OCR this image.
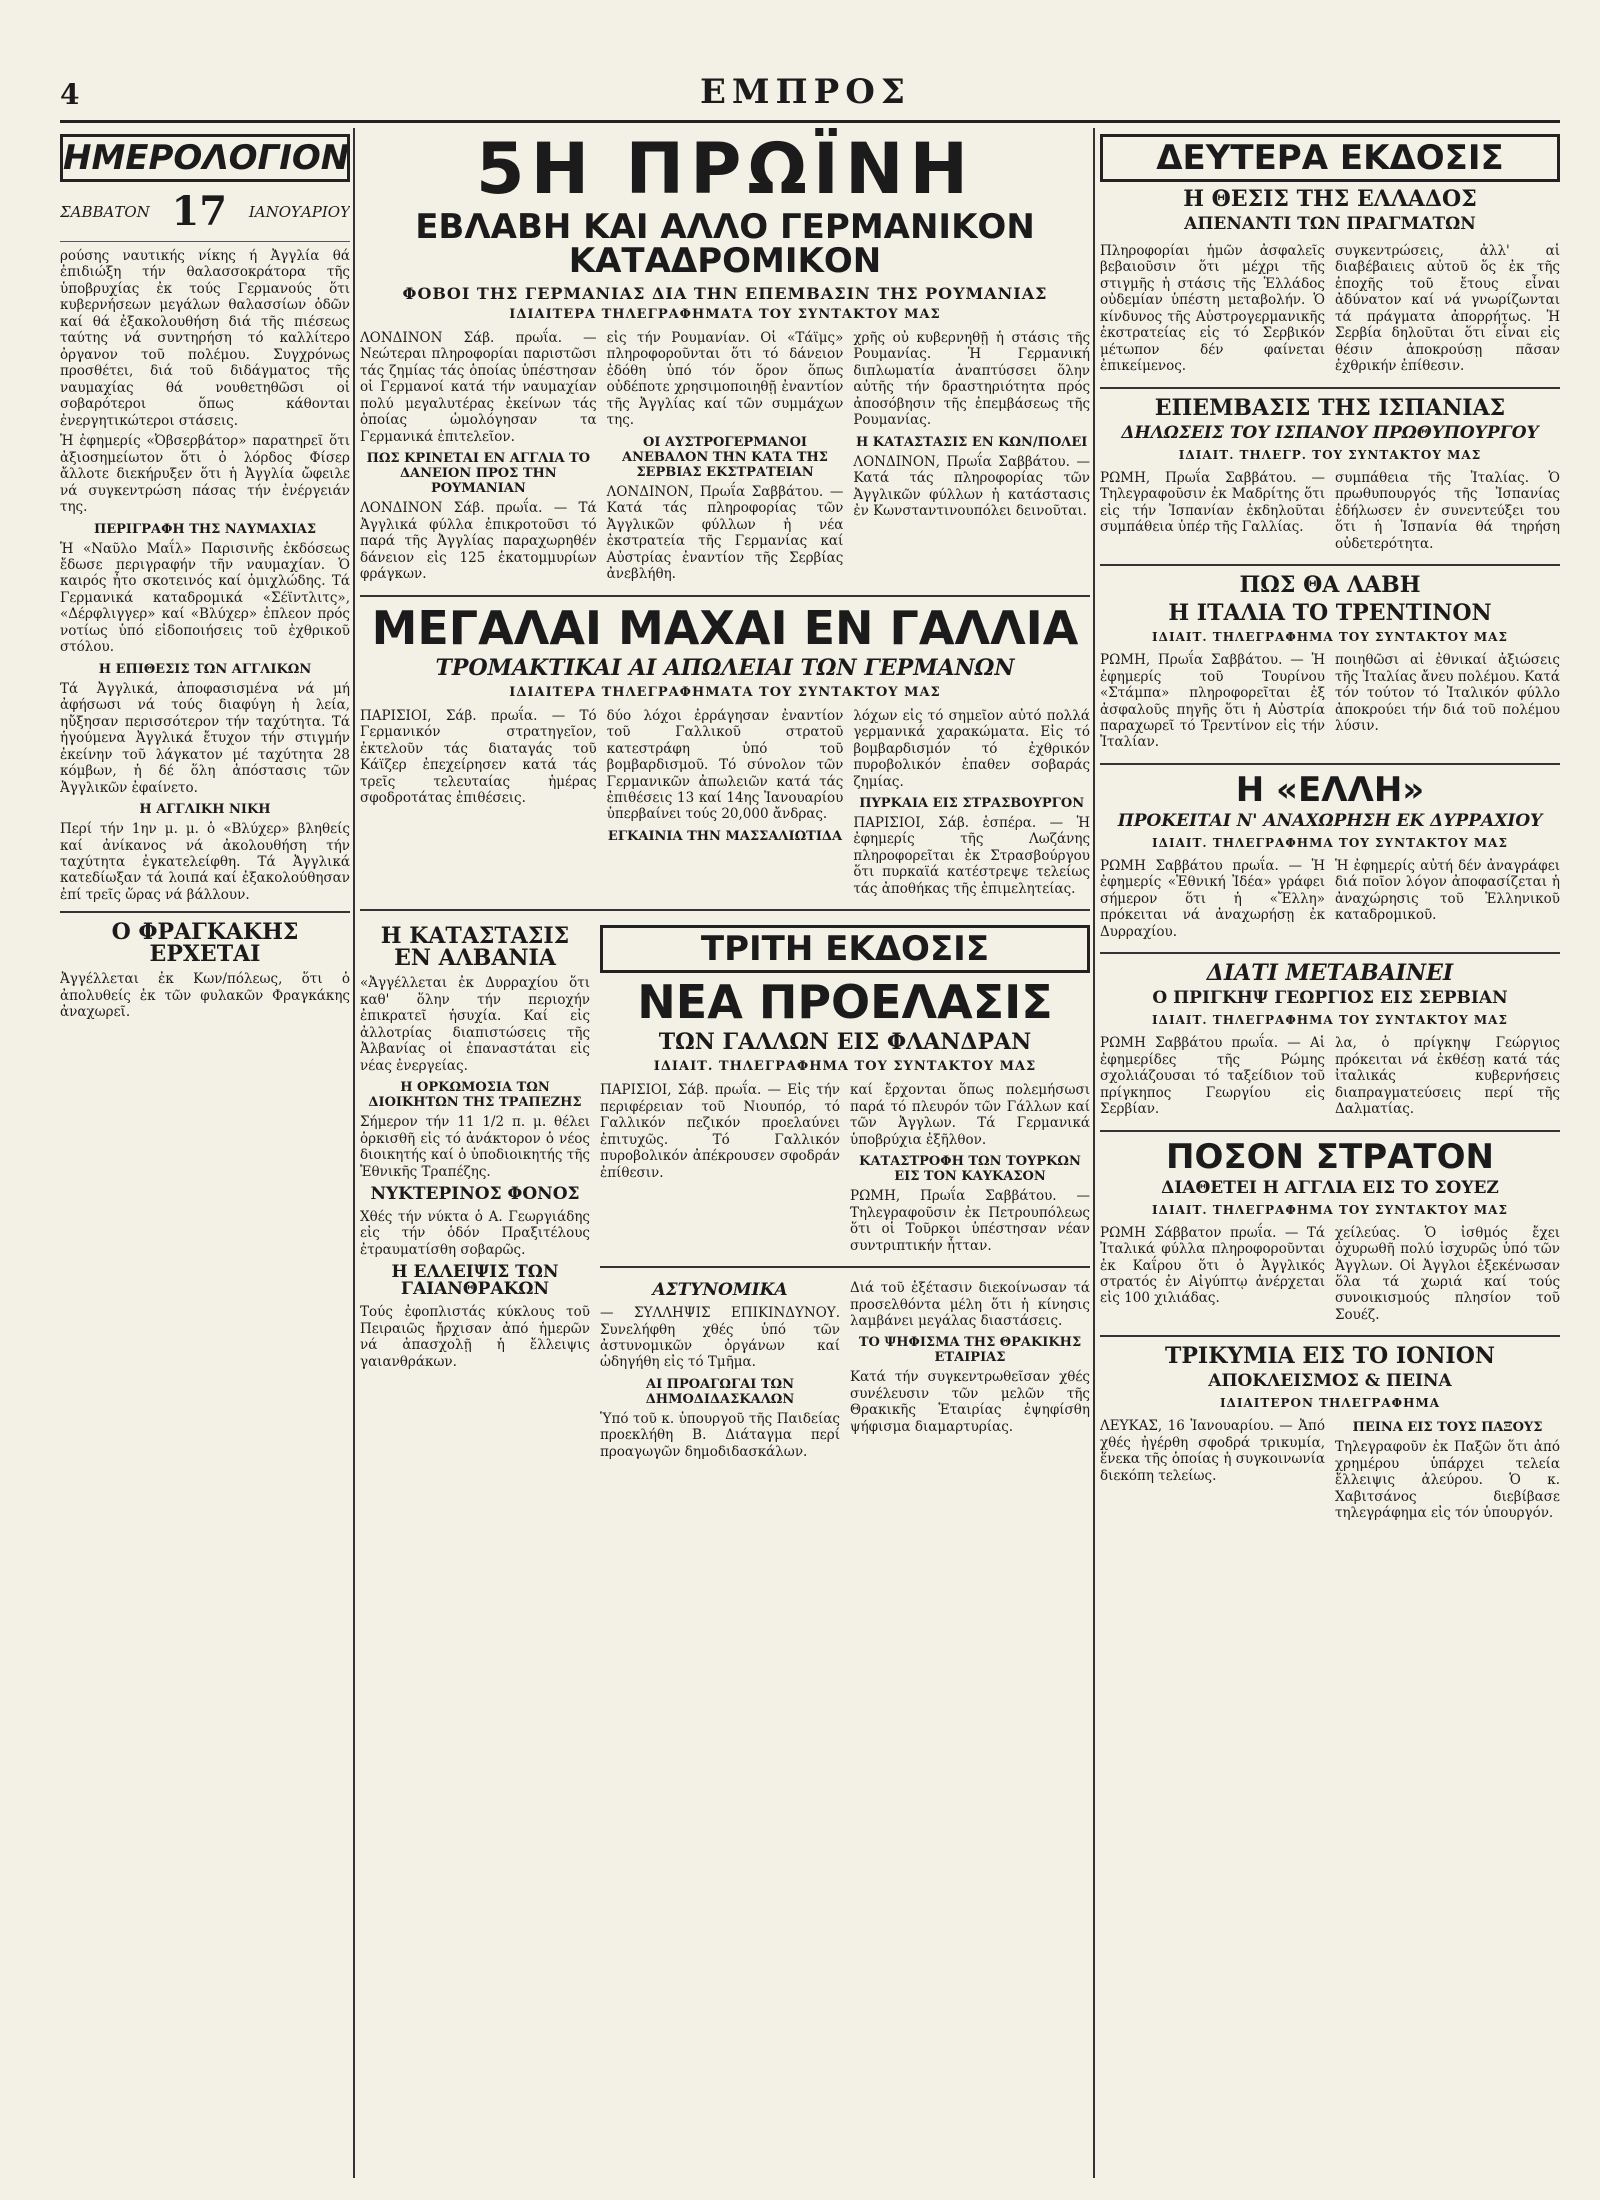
4	ΕΜΠΡΟΣ
ΗΜΕΡΟΛΟΓΙΟΝ
ΣΑΒΒΑΤΟΝ 17 ΙΑΝΟΥΑΡΙΟΥ

ρούσης ναυτικής νίκης ή Ἀγγλία θά ἐπιδιώξη τήν θαλασσοκράτορα τῆς ὑποβρυχίας ἐκ τούς Γερμανούς ὅτι κυβερνήσεων μεγάλων θαλασσίων ὁδῶν καί θά ἐξακολουθήση διά τῆς πιέσεως ταύτης νά συντηρήση τό καλλίτερο ὀργανον τοῦ πολέμου. Συγχρόνως προσθέτει, διά τοῦ διδάγματος τῆς ναυμαχίας θά νουθετηθῶσι οἱ σοβαρότεροι ὅπως κάθονται ἐνεργητικώτεροι στάσεις.

Ἡ ἐφημερίς «Ὀβσερβάτορ» παρατηρεῖ ὅτι ἀξιοσημείωτον ὅτι ὁ λόρδος Φίσερ ἄλλοτε διεκήρυξεν ὅτι ἡ Ἀγγλία ὤφειλε νά συγκεντρώση πάσας τήν ἐνέργειάν της.

ΠΕΡΙΓΡΑΦΗ ΤΗΣ ΝΑΥΜΑΧΙΑΣ

Ἡ «Ναῦλο Μαΐλ» Παρισινῆς ἐκδόσεως ἔδωσε περιγραφήν τῆν ναυμαχίαν. Ὁ καιρός ἦτο σκοτεινός καί ὁμιχλώδης. Τά Γερμανικά καταδρομικά «Σέϊντλιτς», «Δέρφλιγγερ» καί «Βλύχερ» ἐπλεον πρός νοτίως ὑπό εἰδοποιήσεις τοῦ ἐχθρικοῦ στόλου.

Η ΕΠΙΘΕΣΙΣ ΤΩΝ ΑΓΓΛΙΚΩΝ

Τά Ἀγγλικά, ἀποφασισμένα νά μή ἀφήσωσι νά τούς διαφύγη ἡ λεία, ηὔξησαν περισσότερον τήν ταχύτητα. Τά ἡγούμενα Ἀγγλικά ἔτυχον τήν στιγμήν ἐκείνην τοῦ λάγκατον μέ ταχύτητα 28 κόμβων, ἡ δέ ὅλη ἀπόστασις τῶν Ἀγγλικῶν ἐφαίνετο.

Η ΑΓΓΛΙΚΗ ΝΙΚΗ

Περί τήν 1ην μ. μ. ὁ «Βλύχερ» βληθείς καί ἀνίκανος νά ἀκολουθήση τήν ταχύτητα ἐγκατελείφθη. Τά Ἀγγλικά κατεδίωξαν τά λοιπά καί ἐξακολούθησαν ἐπί τρεῖς ὥρας νά βάλλουν.

Ο ΦΡΑΓΚΑΚΗΣ ΕΡΧΕΤΑΙ

Ἀγγέλλεται ἐκ Κων/πόλεως, ὅτι ὁ ἀπολυθείς ἐκ τῶν φυλακῶν Φραγκάκης ἀναχωρεῖ.

5Η ΠΡΩΪΝΗ
ΕΒΛΑΒΗ ΚΑΙ ΑΛΛΟ ΓΕΡΜΑΝΙΚΟΝ ΚΑΤΑΔΡΟΜΙΚΟΝ
ΦΟΒΟΙ ΤΗΣ ΓΕΡΜΑΝΙΑΣ ΔΙΑ ΤΗΝ ΕΠΕΜΒΑΣΙΝ ΤΗΣ ΡΟΥΜΑΝΙΑΣ
ΙΔΙΑΙΤΕΡΑ ΤΗΛΕΓΡΑΦΗΜΑΤΑ ΤΟΥ ΣΥΝΤΑΚΤΟΥ ΜΑΣ

ΛΟΝΔΙΝΟΝ Σάβ. πρωΐα. — Νεώτεραι πληροφορίαι παριστῶσι τάς ζημίας τάς ὁποίας ὑπέστησαν οἱ Γερμανοί κατά τήν ναυμαχίαν πολύ μεγαλυτέρας ἐκείνων τάς ὁποίας ὡμολόγησαν τα Γερμανικά ἐπιτελεῖον.

ΠΩΣ ΚΡΙΝΕΤΑΙ ΕΝ ΑΓΓΛΙΑ ΤΟ ΔΑΝΕΙΟΝ ΠΡΟΣ ΤΗΝ ΡΟΥΜΑΝΙΑΝ

ΛΟΝΔΙΝΟΝ Σάβ. πρωΐα. — Τά Ἀγγλικά φύλλα ἐπικροτοῦσι τό παρά τῆς Ἀγγλίας παραχωρηθέν δάνειον εἰς 125 ἑκατομμυρίων φράγκων.

εἰς τήν Ρουμανίαν. Οἱ «Τάϊμς» πληροφοροῦνται ὅτι τό δάνειον ἐδόθη ὑπό τόν ὅρον ὅπως οὐδέποτε χρησιμοποιηθῇ ἐναντίον τῆς Ἀγγλίας καί τῶν συμμάχων της.

ΟΙ ΑΥΣΤΡΟΓΕΡΜΑΝΟΙ ΑΝΕΒΑΛΟΝ ΤΗΝ ΚΑΤΑ ΤΗΣ ΣΕΡΒΙΑΣ ΕΚΣΤΡΑΤΕΙΑΝ

ΛΟΝΔΙΝΟΝ, Πρωΐα Σαββάτου. — Κατά τάς πληροφορίας τῶν Ἀγγλικῶν φύλλων ἡ νέα ἐκστρατεία τῆς Γερμανίας καί Αὐστρίας ἐναντίον τῆς Σερβίας ἀνεβλήθη.

χρῆς οὐ κυβερνηθῇ ἡ στάσις τῆς Ρουμανίας. Ἡ Γερμανική διπλωματία ἀναπτύσσει ὅλην αὐτῆς τήν δραστηριότητα πρός ἀποσόβησιν τῆς ἐπεμβάσεως τῆς Ρουμανίας.

Η ΚΑΤΑΣΤΑΣΙΣ ΕΝ ΚΩΝ/ΠΟΛΕΙ

ΛΟΝΔΙΝΟΝ, Πρωΐα Σαββάτου. — Κατά τάς πληροφορίας τῶν Ἀγγλικῶν φύλλων ἡ κατάστασις ἐν Κωνσταντινουπόλει δεινοῦται.

ΜΕΓΑΛΑΙ ΜΑΧΑΙ ΕΝ ΓΑΛΛΙΑ
ΤΡΟΜΑΚΤΙΚΑΙ ΑΙ ΑΠΩΛΕΙΑΙ ΤΩΝ ΓΕΡΜΑΝΩΝ
ΙΔΙΑΙΤΕΡΑ ΤΗΛΕΓΡΑΦΗΜΑΤΑ ΤΟΥ ΣΥΝΤΑΚΤΟΥ ΜΑΣ

ΠΑΡΙΣΙΟΙ, Σάβ. πρωΐα. — Τό Γερμανικόν στρατηγεῖον, ἐκτελοῦν τάς διαταγάς τοῦ Κάϊζερ ἐπεχείρησεν κατά τάς τρεῖς τελευταίας ἡμέρας σφοδροτάτας ἐπιθέσεις.

δύο λόχοι ἐρράγησαν ἐναντίον τοῦ Γαλλικοῦ στρατοῦ κατεστράφη ὑπό τοῦ βομβαρδισμοῦ. Τό σύνολον τῶν Γερμανικῶν ἀπωλειῶν κατά τάς ἐπιθέσεις 13 καί 14ης Ἰανουαρίου ὑπερβαίνει τούς 20,000 ἄνδρας.

ΕΓΚΑΙΝΙΑ ΤΗΝ ΜΑΣΣΑΛΙΩΤΙΔΑ

λόχων εἰς τό σημεῖον αὐτό πολλά γερμανικά χαρακώματα. Εἰς τό βομβαρδισμόν τό ἐχθρικόν πυροβολικόν ἐπαθεν σοβαράς ζημίας.

ΠΥΡΚΑΙΑ ΕΙΣ ΣΤΡΑΣΒΟΥΡΓΟΝ

ΠΑΡΙΣΙΟΙ, Σάβ. ἑσπέρα. — Ἡ ἐφημερίς τῆς Λωζάνης πληροφορεῖται ἐκ Στρασβούργου ὅτι πυρκαϊά κατέστρεψε τελείως τάς ἀποθήκας τῆς ἐπιμελητείας.

Η ΚΑΤΑΣΤΑΣΙΣ ΕΝ ΑΛΒΑΝΙΑ

«Ἀγγέλλεται ἐκ Δυρραχίου ὅτι καθ' ὅλην τήν περιοχήν ἐπικρατεῖ ἡσυχία. Καί εἰς ἀλλοτρίας διαπιστώσεις τῆς Ἀλβανίας οἱ ἐπαναστάται εἰς νέας ἐνεργείας.

Η ΟΡΚΩΜΟΣΙΑ ΤΩΝ ΔΙΟΙΚΗΤΩΝ ΤΗΣ ΤΡΑΠΕΖΗΣ

Σήμερον τήν 11 1/2 π. μ. θέλει ὁρκισθῆ εἰς τό ἀνάκτορον ὁ νέος διοικητής καί ὁ ὑποδιοικητής τῆς Ἐθνικῆς Τραπέζης.

ΝΥΚΤΕΡΙΝΟΣ ΦΟΝΟΣ

Χθές τήν νύκτα ὁ Α. Γεωργιάδης εἰς τήν ὁδόν Πραξιτέλους ἐτραυματίσθη σοβαρῶς.

Η ΕΛΛΕΙΨΙΣ ΤΩΝ ΓΑΙΑΝΘΡΑΚΩΝ

Τούς ἐφοπλιστάς κύκλους τοῦ Πειραιῶς ἤρχισαν ἀπό ἡμερῶν νά ἀπασχολῇ ἡ ἔλλειψις γαιανθράκων.

ΤΡΙΤΗ ΕΚΔΟΣΙΣ
ΝΕΑ ΠΡΟΕΛΑΣΙΣ
ΤΩΝ ΓΑΛΛΩΝ ΕΙΣ ΦΛΑΝΔΡΑΝ
ΙΔΙΑΙΤ. ΤΗΛΕΓΡΑΦΗΜΑ ΤΟΥ ΣΥΝΤΑΚΤΟΥ ΜΑΣ

ΠΑΡΙΣΙΟΙ, Σάβ. πρωΐα. — Εἰς τήν περιφέρειαν τοῦ Νιουπόρ, τό Γαλλικόν πεζικόν προελαύνει ἐπιτυχῶς. Τό Γαλλικόν πυροβολικόν ἀπέκρουσεν σφοδράν ἐπίθεσιν.

καί ἔρχονται ὅπως πολεμήσωσι παρά τό πλευρόν τῶν Γάλλων καί τῶν Ἀγγλων. Τά Γερμανικά ὑποβρύχια ἐξῆλθον.

ΚΑΤΑΣΤΡΟΦΗ ΤΩΝ ΤΟΥΡΚΩΝ ΕΙΣ ΤΟΝ ΚΑΥΚΑΣΟΝ

ΡΩΜΗ, Πρωΐα Σαββάτου. — Τηλεγραφοῦσιν ἐκ Πετρουπόλεως ὅτι οἱ Τοῦρκοι ὑπέστησαν νέαν συντριπτικήν ἧτταν.

ΑΣΤΥΝΟΜΙΚΑ

— ΣΥΛΛΗΨΙΣ ΕΠΙΚΙΝΔΥΝΟΥ. Συνελήφθη χθές ὑπό τῶν ἀστυνομικῶν ὀργάνων καί ὡδηγήθη εἰς τό Τμῆμα.

ΑΙ ΠΡΟΑΓΩΓΑΙ ΤΩΝ ΔΗΜΟΔΙΔΑΣΚΑΛΩΝ

Ὑπό τοῦ κ. ὑπουργοῦ τῆς Παιδείας προεκλήθη Β. Διάταγμα περί προαγωγῶν δημοδιδασκάλων.

Διά τοῦ ἐξέτασιν διεκοίνωσαν τά προσελθόντα μέλη ὅτι ἡ κίνησις λαμβάνει μεγάλας διαστάσεις.

ΤΟ ΨΗΦΙΣΜΑ ΤΗΣ ΘΡΑΚΙΚΗΣ ΕΤΑΙΡΙΑΣ

Κατά τήν συγκεντρωθεῖσαν χθές συνέλευσιν τῶν μελῶν τῆς Θρακικῆς Ἑταιρίας ἐψηφίσθη ψήφισμα διαμαρτυρίας.

ΔΕΥΤΕΡΑ ΕΚΔΟΣΙΣ
Η ΘΕΣΙΣ ΤΗΣ ΕΛΛΑΔΟΣ
ΑΠΕΝΑΝΤΙ ΤΩΝ ΠΡΑΓΜΑΤΩΝ

Πληροφορίαι ἡμῶν ἀσφαλεῖς βεβαιοῦσιν ὅτι μέχρι τῆς στιγμῆς ἡ στάσις τῆς Ἑλλάδος οὐδεμίαν ὑπέστη μεταβολήν. Ὁ κίνδυνος τῆς Αὐστρογερμανικῆς ἐκστρατείας εἰς τό Σερβικόν μέτωπον δέν φαίνεται ἐπικείμενος.

συγκεντρώσεις, ἀλλ' αἱ διαβέβαιεις αὐτοῦ ὅς ἐκ τῆς ἐποχῆς τοῦ ἔτους εἶναι ἀδύνατον καί νά γνωρίζωνται τά πράγματα ἀπορρήτως. Ἡ Σερβία δηλοῦται ὅτι εἶναι εἰς θέσιν ἀποκρούσῃ πᾶσαν ἐχθρικήν ἐπίθεσιν.

ΕΠΕΜΒΑΣΙΣ ΤΗΣ ΙΣΠΑΝΙΑΣ
ΔΗΛΩΣΕΙΣ ΤΟΥ ΙΣΠΑΝΟΥ ΠΡΩΘΥΠΟΥΡΓΟΥ
ΙΔΙΑΙΤ. ΤΗΛΕΓΡ. ΤΟΥ ΣΥΝΤΑΚΤΟΥ ΜΑΣ

ΡΩΜΗ, Πρωΐα Σαββάτου. — Τηλεγραφοῦσιν ἐκ Μαδρίτης ὅτι εἰς τήν Ἰσπανίαν ἐκδηλοῦται συμπάθεια ὑπέρ τῆς Γαλλίας.

συμπάθεια τῆς Ἰταλίας. Ὁ πρωθυπουργός τῆς Ἰσπανίας ἐδήλωσεν ἐν συνεντεύξει του ὅτι ἡ Ἰσπανία θά τηρήση οὐδετερότητα.

ΠΩΣ ΘΑ ΛΑΒΗ
Η ΙΤΑΛΙΑ ΤΟ ΤΡΕΝΤΙΝΟΝ
ΙΔΙΑΙΤ. ΤΗΛΕΓΡΑΦΗΜΑ ΤΟΥ ΣΥΝΤΑΚΤΟΥ ΜΑΣ

ΡΩΜΗ, Πρωΐα Σαββάτου. — Ἡ ἐφημερίς τοῦ Τουρίνου «Στάμπα» πληροφορεῖται ἐξ ἀσφαλοῦς πηγῆς ὅτι ἡ Αὐστρία παραχωρεῖ τό Τρεντίνον εἰς τήν Ἰταλίαν.

ποιηθῶσι αἱ ἐθνικαί ἀξιώσεις τῆς Ἰταλίας ἄνευ πολέμου. Κατά τόν τούτον τό Ἰταλικόν φύλλο ἀποκρούει τήν διά τοῦ πολέμου λύσιν.

Η «ΕΛΛΗ»
ΠΡΟΚΕΙΤΑΙ Ν' ΑΝΑΧΩΡΗΣΗ ΕΚ ΔΥΡΡΑΧΙΟΥ
ΙΔΙΑΙΤ. ΤΗΛΕΓΡΑΦΗΜΑ ΤΟΥ ΣΥΝΤΑΚΤΟΥ ΜΑΣ

ΡΩΜΗ Σαββάτου πρωΐα. — Ἡ ἐφημερίς «Ἐθνική Ἰδέα» γράφει σήμερον ὅτι ἡ «Ἔλλη» πρόκειται νά ἀναχωρήσῃ ἐκ Δυρραχίου.

Ἡ ἐφημερίς αὐτή δέν ἀναγράφει διά ποῖον λόγον ἀποφασίζεται ἡ ἀναχώρησις τοῦ Ἑλληνικοῦ καταδρομικοῦ.

ΔΙΑΤΙ ΜΕΤΑΒΑΙΝΕΙ
Ο ΠΡΙΓΚΗΨ ΓΕΩΡΓΙΟΣ ΕΙΣ ΣΕΡΒΙΑΝ
ΙΔΙΑΙΤ. ΤΗΛΕΓΡΑΦΗΜΑ ΤΟΥ ΣΥΝΤΑΚΤΟΥ ΜΑΣ

ΡΩΜΗ Σαββάτου πρωΐα. — Αἱ ἐφημερίδες τῆς Ρώμης σχολιάζουσαι τό ταξείδιον τοῦ πρίγκηπος Γεωργίου εἰς Σερβίαν.

λα, ὁ πρίγκηψ Γεώργιος πρόκειται νά ἐκθέσῃ κατά τάς ἰταλικάς κυβερνήσεις διαπραγματεύσεις περί τῆς Δαλματίας.

ΠΟΣΟΝ ΣΤΡΑΤΟΝ
ΔΙΑΘΕΤΕΙ Η ΑΓΓΛΙΑ ΕΙΣ ΤΟ ΣΟΥΕΖ
ΙΔΙΑΙΤ. ΤΗΛΕΓΡΑΦΗΜΑ ΤΟΥ ΣΥΝΤΑΚΤΟΥ ΜΑΣ

ΡΩΜΗ Σάββατον πρωΐα. — Τά Ἰταλικά φύλλα πληροφοροῦνται ἐκ Καΐρου ὅτι ὁ Ἀγγλικός στρατός ἐν Αἰγύπτῳ ἀνέρχεται εἰς 100 χιλιάδας.

χείλεύας. Ὁ ἰσθμός ἔχει ὀχυρωθῆ πολύ ἰσχυρῶς ὑπό τῶν Ἀγγλων. Οἱ Ἀγγλοι ἐξεκένωσαν ὅλα τά χωριά καί τούς συνοικισμούς πλησίον τοῦ Σουέζ.

ΤΡΙΚΥΜΙΑ ΕΙΣ ΤΟ ΙΟΝΙΟΝ
ΑΠΟΚΛΕΙΣΜΟΣ & ΠΕΙΝΑ
ΙΔΙΑΙΤΕΡΟΝ ΤΗΛΕΓΡΑΦΗΜΑ

ΛΕΥΚΑΣ, 16 Ἰανουαρίου. — Ἀπό χθές ἠγέρθη σφοδρά τρικυμία, ἕνεκα τῆς ὁποίας ἡ συγκοινωνία διεκόπη τελείως.

ΠΕΙΝΑ ΕΙΣ ΤΟΥΣ ΠΑΞΟΥΣ

Τηλεγραφοῦν ἐκ Παξῶν ὅτι ἀπό χρημέρου ὑπάρχει τελεία ἔλλειψις ἀλεύρου. Ὁ κ. Χαβιτσάνος διεβίβασε τηλεγράφημα εἰς τόν ὑπουργόν.
